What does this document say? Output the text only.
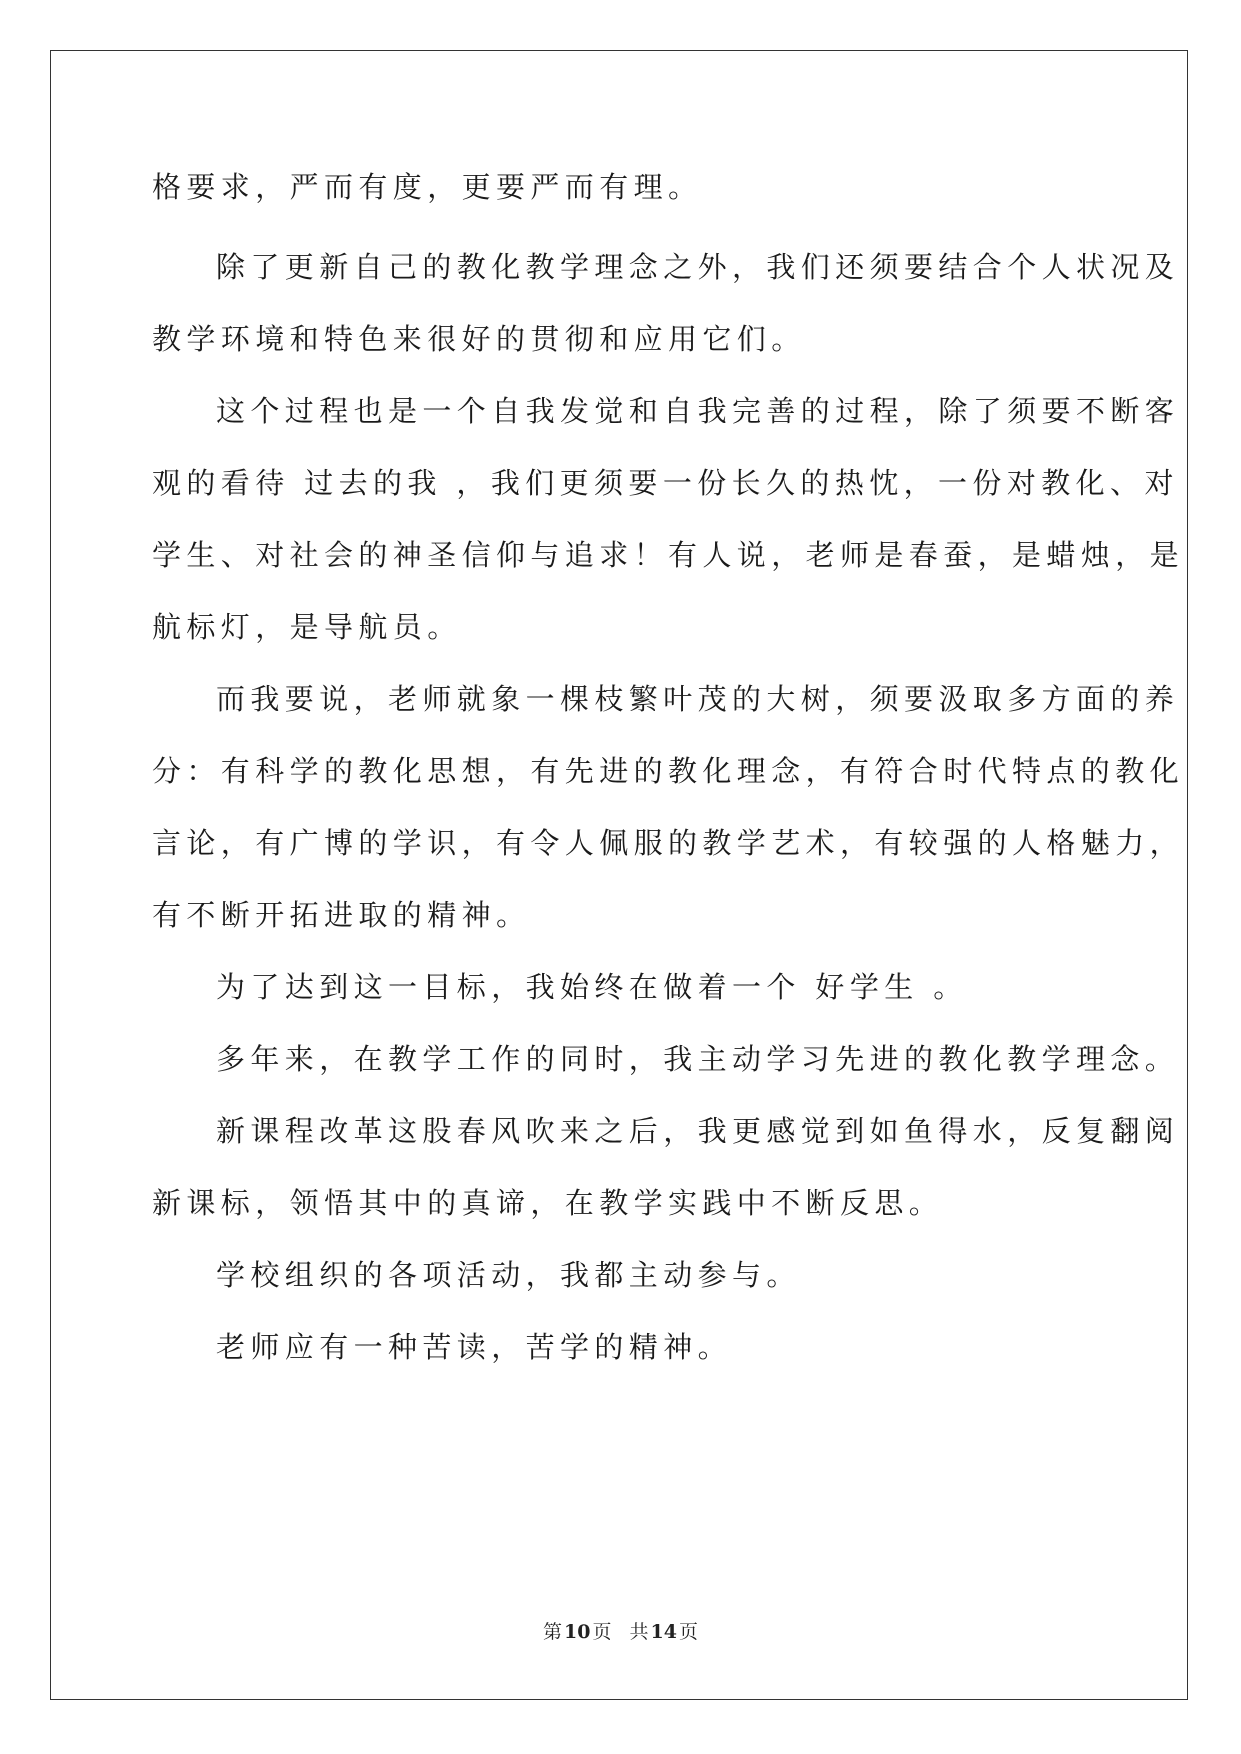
格要求，严而有度，更要严而有理。
除了更新自己的教化教学理念之外，我们还须要结合个人状况及
教学环境和特色来很好的贯彻和应用它们。
这个过程也是一个自我发觉和自我完善的过程，除了须要不断客
观的看待 过去的我 ，我们更须要一份长久的热忱，一份对教化、对
学生、对社会的神圣信仰与追求！有人说，老师是春蚕，是蜡烛，是
航标灯，是导航员。
而我要说，老师就象一棵枝繁叶茂的大树，须要汲取多方面的养
分：有科学的教化思想，有先进的教化理念，有符合时代特点的教化
言论，有广博的学识，有令人佩服的教学艺术，有较强的人格魅力，
有不断开拓进取的精神。
为了达到这一目标，我始终在做着一个 好学生 。
多年来，在教学工作的同时，我主动学习先进的教化教学理念。
新课程改革这股春风吹来之后，我更感觉到如鱼得水，反复翻阅
新课标，领悟其中的真谛，在教学实践中不断反思。
学校组织的各项活动，我都主动参与。
老师应有一种苦读，苦学的精神。
第 10 页 共 14 页
